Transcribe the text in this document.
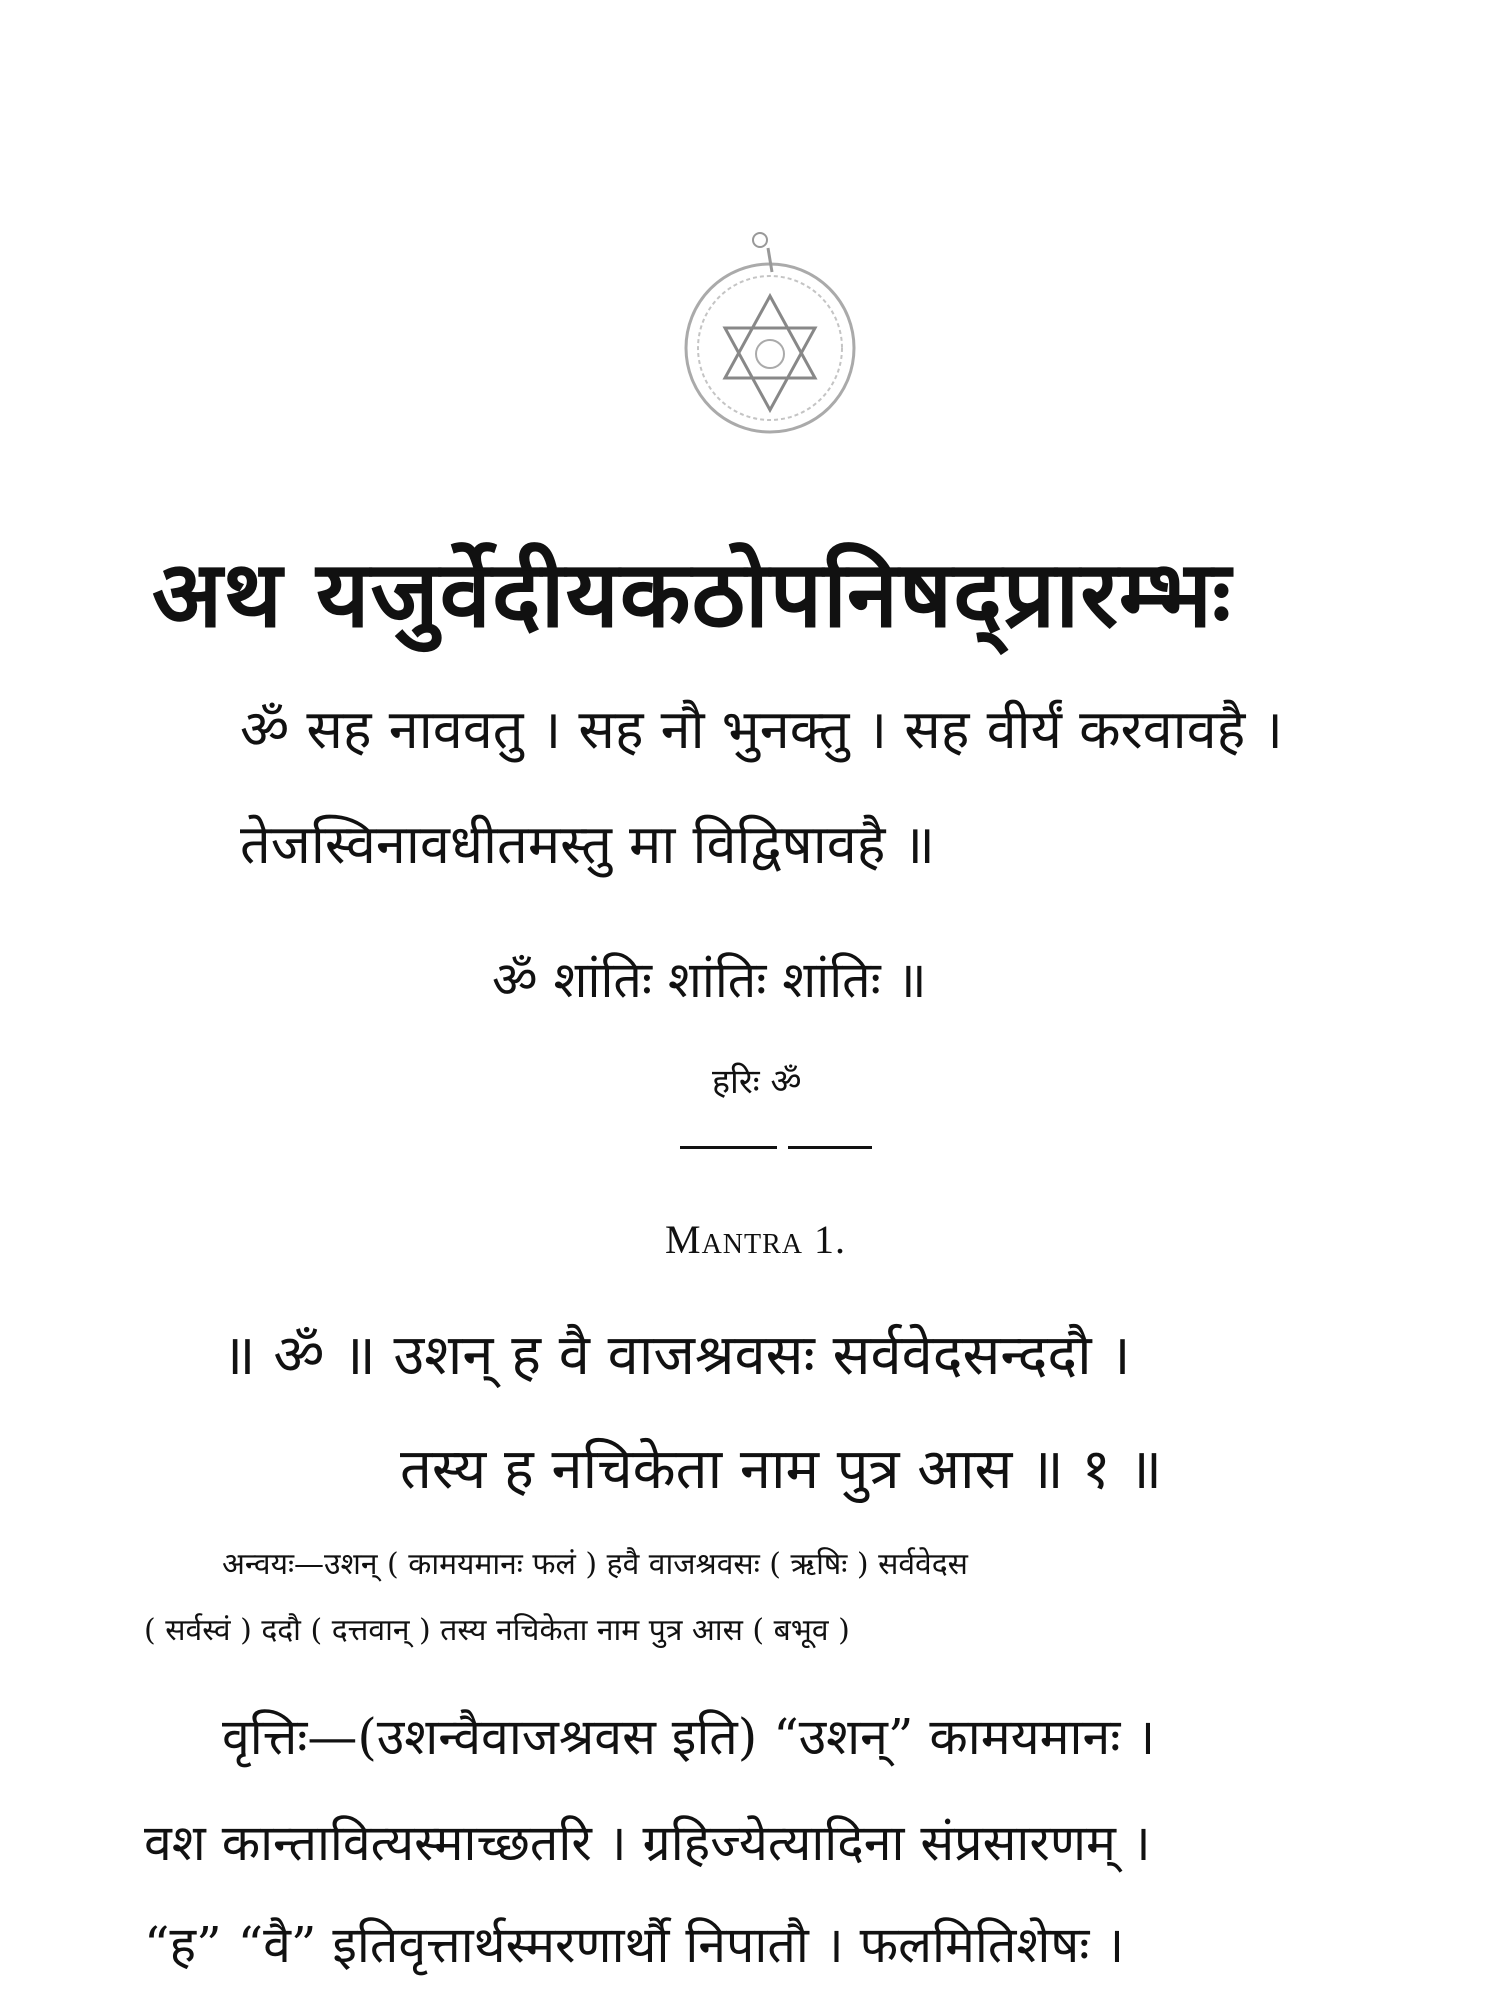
अथ यजुर्वेदीयकठोपनिषद्प्रारम्भः
ॐ सह नाववतु । सह नौ भुनक्तु । सह वीर्यं करवावहै ।
तेजस्विनावधीतमस्तु मा विद्विषावहै ॥
ॐ शांतिः शांतिः शांतिः ॥
हरिः ॐ
Mantra 1.
॥ ॐ ॥ उशन् ह वै वाजश्रवसः सर्ववेदसन्ददौ ।
तस्य ह नचिकेता नाम पुत्र आस ॥ १ ॥
अन्वयः—उशन् ( कामयमानः फलं ) हवै वाजश्रवसः ( ऋषिः ) सर्ववेदस
( सर्वस्वं ) ददौ ( दत्तवान् ) तस्य नचिकेता नाम पुत्र आस ( बभूव )
वृत्तिः—(उशन्वैवाजश्रवस इति) “उशन्” कामयमानः ।
वश कान्तावित्यस्माच्छतरि । ग्रहिज्येत्यादिना संप्रसारणम् ।
“ह” “वै” इतिवृत्तार्थस्मरणार्थौ निपातौ । फलमितिशेषः ।
